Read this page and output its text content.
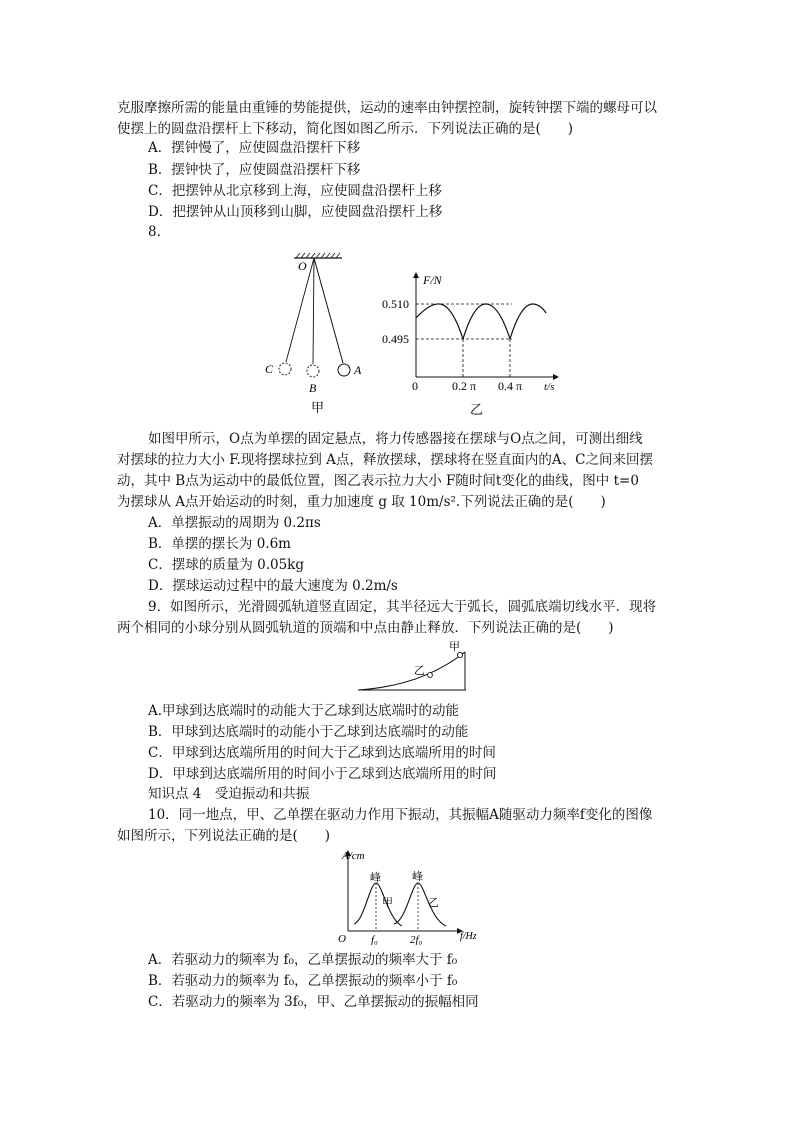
克服摩擦所需的能量由重锤的势能提供，运动的速率由钟摆控制，旋转钟摆下端的螺母可以
使摆上的圆盘沿摆杆上下移动，简化图如图乙所示．下列说法正确的是(　　)
A．摆钟慢了，应使圆盘沿摆杆下移
B．摆钟快了，应使圆盘沿摆杆下移
C．把摆钟从北京移到上海，应使圆盘沿摆杆上移
D．把摆钟从山顶移到山脚，应使圆盘沿摆杆上移
8.
O
C
B
A
甲
F/N
0.510
0.495
0	0.2 π 0.4 π t/s
乙
如图甲所示，O点为单摆的固定悬点，将力传感器接在摆球与O点之间，可测出细线
对摆球的拉力大小 F.现将摆球拉到 A点，释放摆球，摆球将在竖直面内的A、C之间来回摆
动，其中 B点为运动中的最低位置，图乙表示拉力大小 F随时间t变化的曲线，图中 t=0
为摆球从 A点开始运动的时刻，重力加速度 g 取 10m/s².下列说法正确的是(　　)
A．单摆振动的周期为 0.2πs
B．单摆的摆长为 0.6m
C．摆球的质量为 0.05kg
D．摆球运动过程中的最大速度为 0.2m/s
9．如图所示，光滑圆弧轨道竖直固定，其半径远大于弧长，圆弧底端切线水平．现将
两个相同的小球分别从圆弧轨道的顶端和中点由静止释放．下列说法正确的是(　　)
甲
乙
A.甲球到达底端时的动能大于乙球到达底端时的动能
B．甲球到达底端时的动能小于乙球到达底端时的动能
C．甲球到达底端所用的时间大于乙球到达底端所用的时间
D．甲球到达底端所用的时间小于乙球到达底端所用的时间
知识点 4　受迫振动和共振
10．同一地点，甲、乙单摆在驱动力作用下振动，其振幅A随驱动力频率f变化的图像
如图所示，下列说法正确的是(　　)
A/cm
峰	峰
甲	乙
O f₀	2f₀	f/Hz
A．若驱动力的频率为 f₀，乙单摆振动的频率大于 f₀
B．若驱动力的频率为 f₀，乙单摆振动的频率小于 f₀
C．若驱动力的频率为 3f₀，甲、乙单摆振动的振幅相同
